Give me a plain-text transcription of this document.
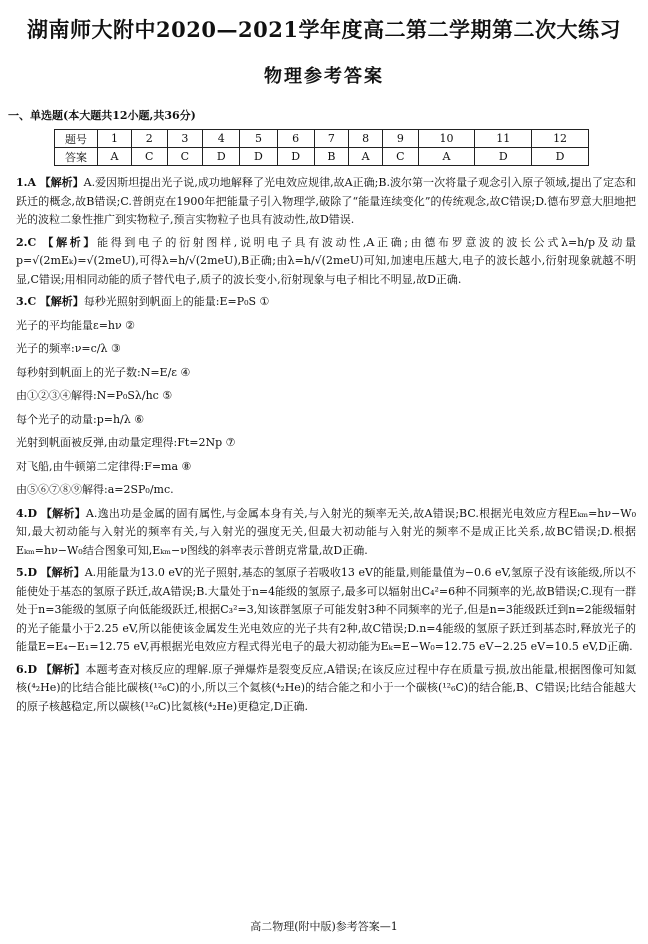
湖南师大附中2020—2021学年度高二第二学期第二次大练习
物理参考答案
一、单选题(本大题共12小题,共36分)
题号	1	2	3	4	5	6	7	8	9	10	11	12
答案	A	C	C	D	D	D	B	A	C	A	D	D
1.A 【解析】A.爱因斯坦提出光子说,成功地解释了光电效应规律,故A正确;B.波尔第一次将量子观念引入原子领域,提出了定态和跃迁的概念,故B错误;C.普朗克在1900年把能量子引入物理学,破除了“能量连续变化”的传统观念,故C错误;D.德布罗意大胆地把光的波粒二象性推广到实物粒子,预言实物粒子也具有波动性,故D错误.
2.C 【解析】能得到电子的衍射图样,说明电子具有波动性,A正确;由德布罗意波的波长公式λ=h/p及动量p=√(2mEₖ)=√(2meU),可得λ=h/√(2meU),B正确;由λ=h/√(2meU)可知,加速电压越大,电子的波长越小,衍射现象就越不明显,C错误;用相同动能的质子替代电子,质子的波长变小,衍射现象与电子相比不明显,故D正确.
3.C 【解析】每秒光照射到帆面上的能量:E=P₀S ①
光子的平均能量ε=hν ②
光子的频率:ν=c/λ ③
每秒射到帆面上的光子数:N=E/ε ④
由①②③④解得:N=P₀Sλ/hc ⑤
每个光子的动量:p=h/λ ⑥
光射到帆面被反弹,由动量定理得:Ft=2Np ⑦
对飞船,由牛顿第二定律得:F=ma ⑧
由⑤⑥⑦⑧⑨解得:a=2SP₀/mc.
4.D 【解析】A.逸出功是金属的固有属性,与金属本身有关,与入射光的频率无关,故A错误;BC.根据光电效应方程Eₖₘ=hν−W₀知,最大初动能与入射光的频率有关,与入射光的强度无关,但最大初动能与入射光的频率不是成正比关系,故BC错误;D.根据Eₖₘ=hν−W₀结合图象可知,Eₖₘ−ν图线的斜率表示普朗克常量,故D正确.
5.D 【解析】A.用能量为13.0 eV的光子照射,基态的氢原子若吸收13 eV的能量,则能量值为−0.6 eV,氢原子没有该能级,所以不能使处于基态的氢原子跃迁,故A错误;B.大量处于n=4能级的氢原子,最多可以辐射出C₄²=6种不同频率的光,故B错误;C.现有一群处于n=3能级的氢原子向低能级跃迁,根据C₃²=3,知该群氢原子可能发射3种不同频率的光子,但是n=3能级跃迁到n=2能级辐射的光子能量小于2.25 eV,所以能使该金属发生光电效应的光子共有2种,故C错误;D.n=4能级的氢原子跃迁到基态时,释放光子的能量E=E₄−E₁=12.75 eV,再根据光电效应方程式得光电子的最大初动能为Eₖ=E−W₀=12.75 eV−2.25 eV=10.5 eV,D正确.
6.D 【解析】本题考查对核反应的理解.原子弹爆炸是裂变反应,A错误;在该反应过程中存在质量亏损,放出能量,根据图像可知氦核(⁴₂He)的比结合能比碳核(¹²₆C)的小,所以三个氦核(⁴₂He)的结合能之和小于一个碳核(¹²₆C)的结合能,B、C错误;比结合能越大的原子核越稳定,所以碳核(¹²₆C)比氦核(⁴₂He)更稳定,D正确.
高二物理(附中版)参考答案—1
